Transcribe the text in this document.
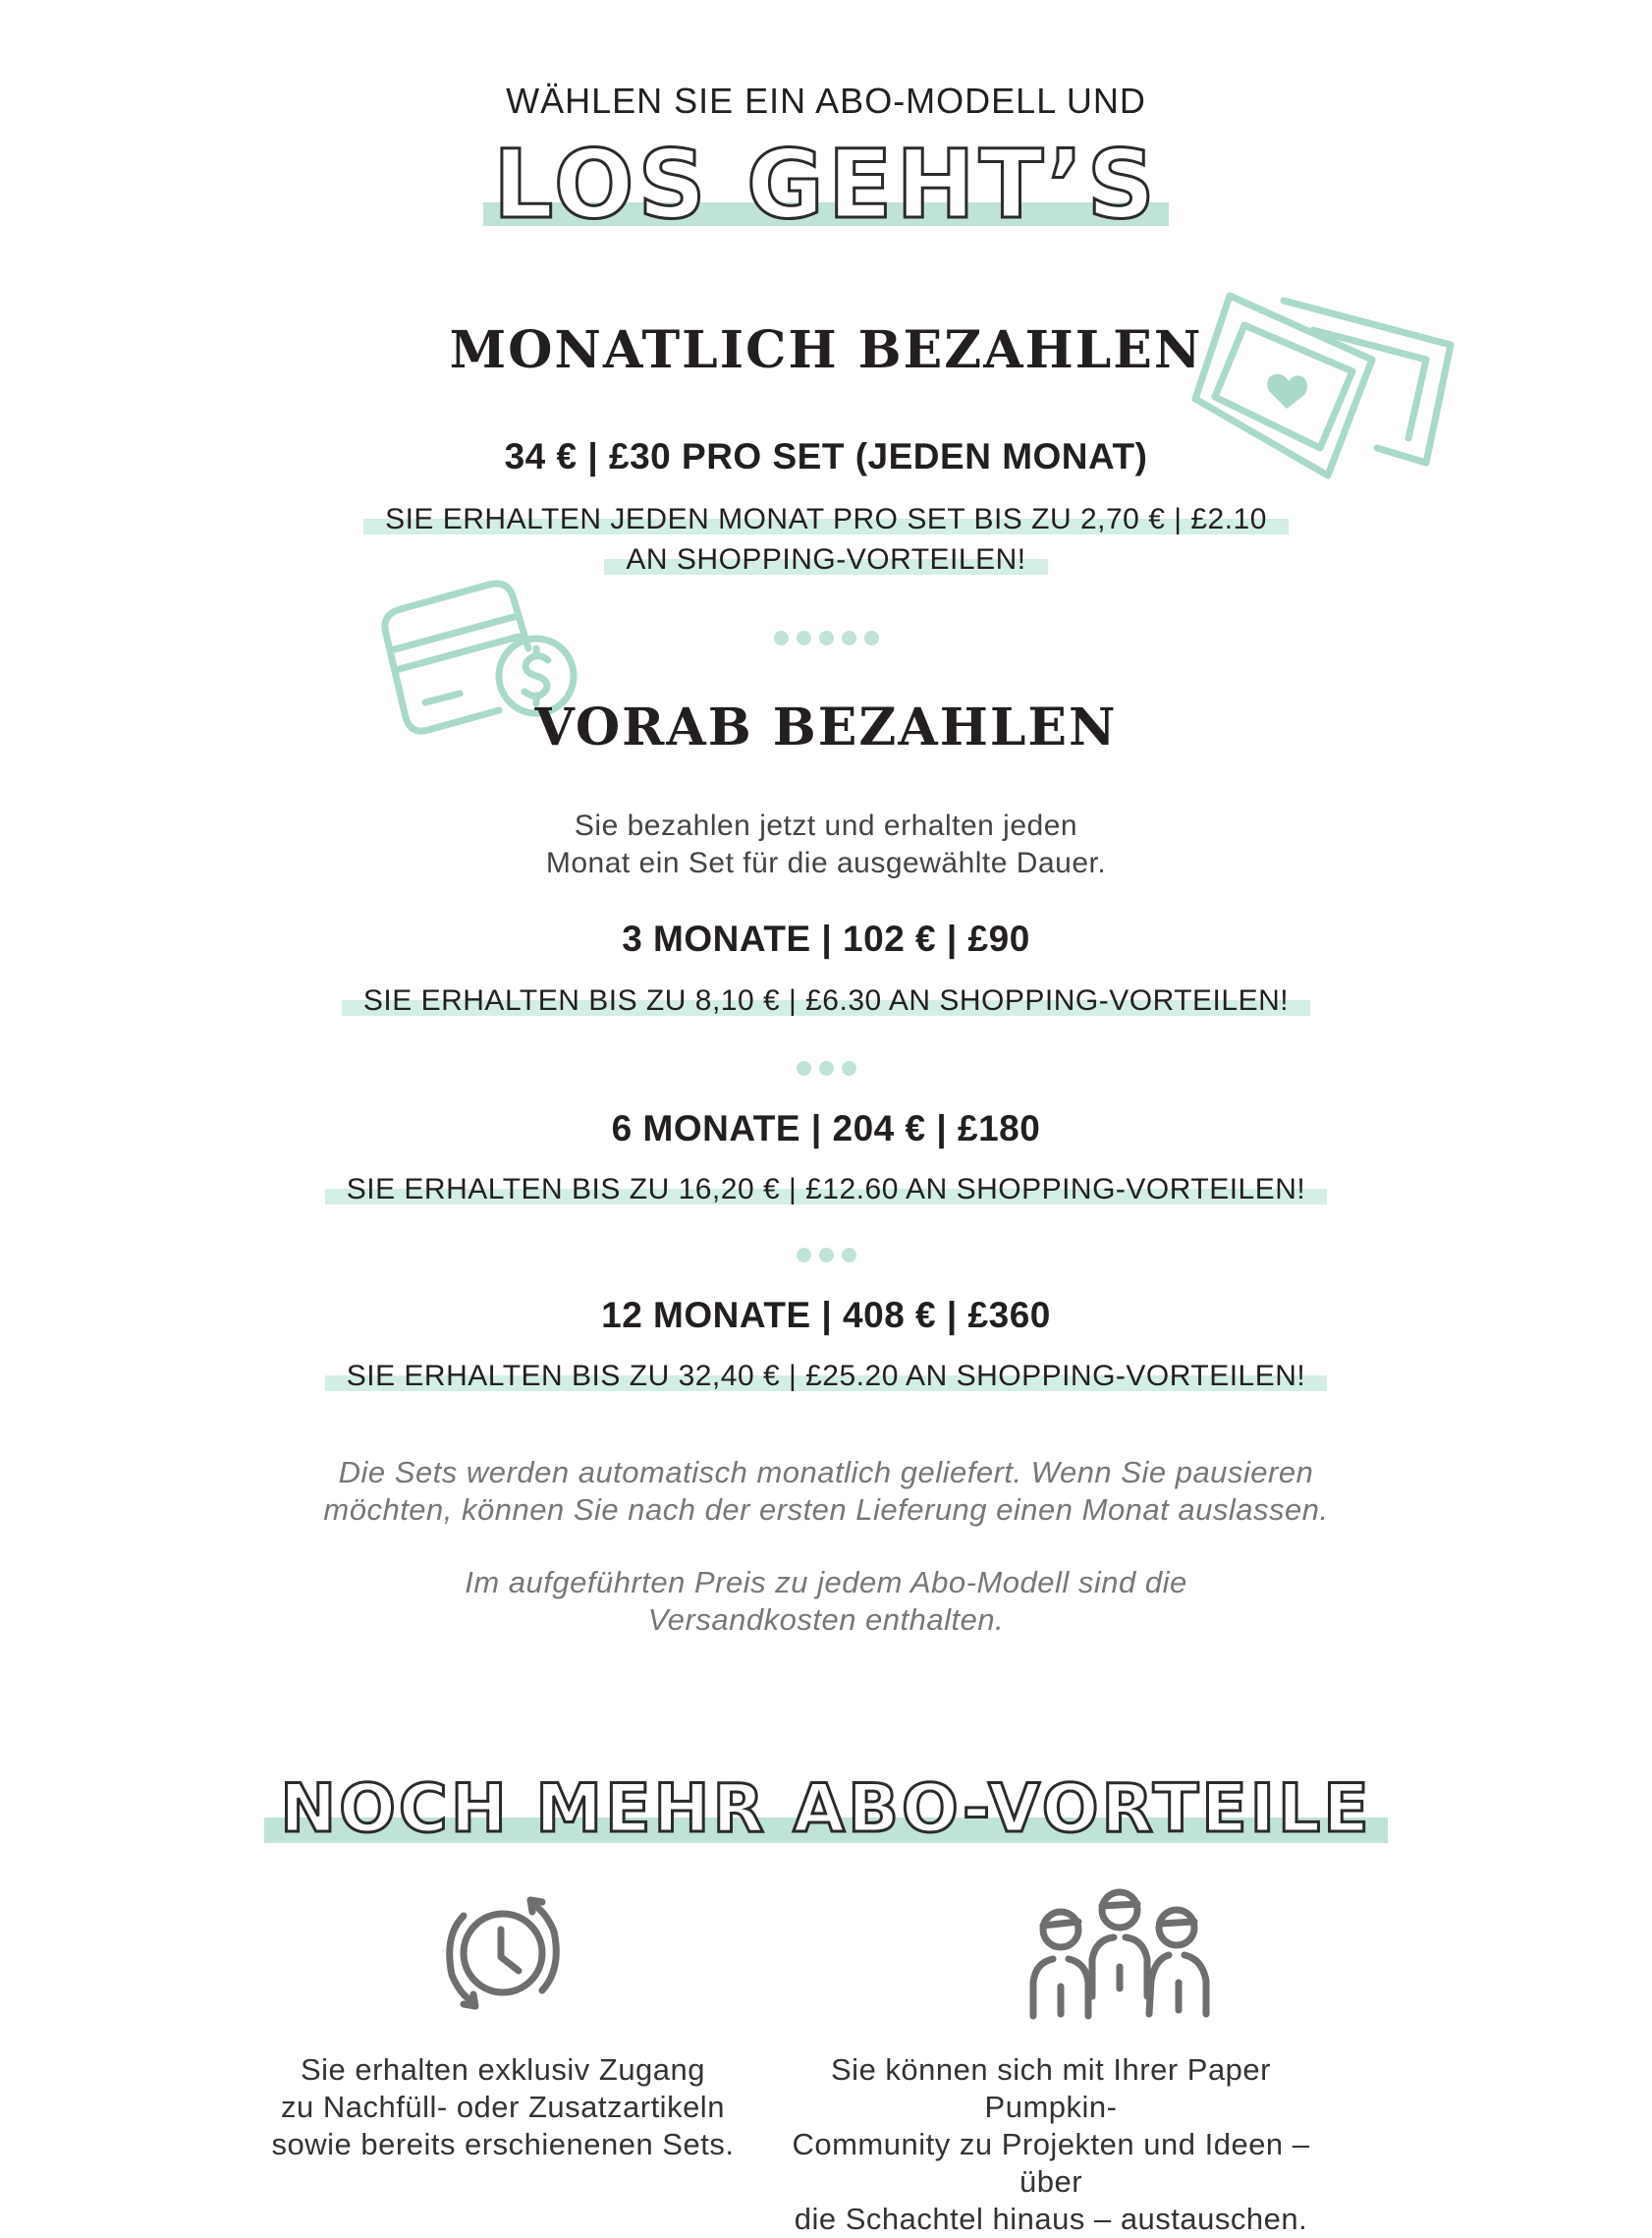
WÄHLEN SIE EIN ABO-MODELL UND
LOS GEHT’S
MONATLICH BEZAHLEN
34 € | £30 PRO SET (JEDEN MONAT)
SIE ERHALTEN JEDEN MONAT PRO SET BIS ZU 2,70 € | £2.10
AN SHOPPING-VORTEILEN!
VORAB BEZAHLEN
Sie bezahlen jetzt und erhalten jeden
Monat ein Set für die ausgewählte Dauer.
3 MONATE | 102 € | £90
SIE ERHALTEN BIS ZU 8,10 € | £6.30 AN SHOPPING-VORTEILEN!
6 MONATE | 204 € | £180
SIE ERHALTEN BIS ZU 16,20 € | £12.60 AN SHOPPING-VORTEILEN!
12 MONATE | 408 € | £360
SIE ERHALTEN BIS ZU 32,40 € | £25.20 AN SHOPPING-VORTEILEN!
Die Sets werden automatisch monatlich geliefert. Wenn Sie pausieren
möchten, können Sie nach der ersten Lieferung einen Monat auslassen.
Im aufgeführten Preis zu jedem Abo-Modell sind die
Versandkosten enthalten.
NOCH MEHR ABO-VORTEILE
Sie erhalten exklusiv Zugang
zu Nachfüll- oder Zusatzartikeln
sowie bereits erschienenen Sets.
Sie können sich mit Ihrer Paper Pumpkin-
Community zu Projekten und Ideen – über
die Schachtel hinaus – austauschen.
